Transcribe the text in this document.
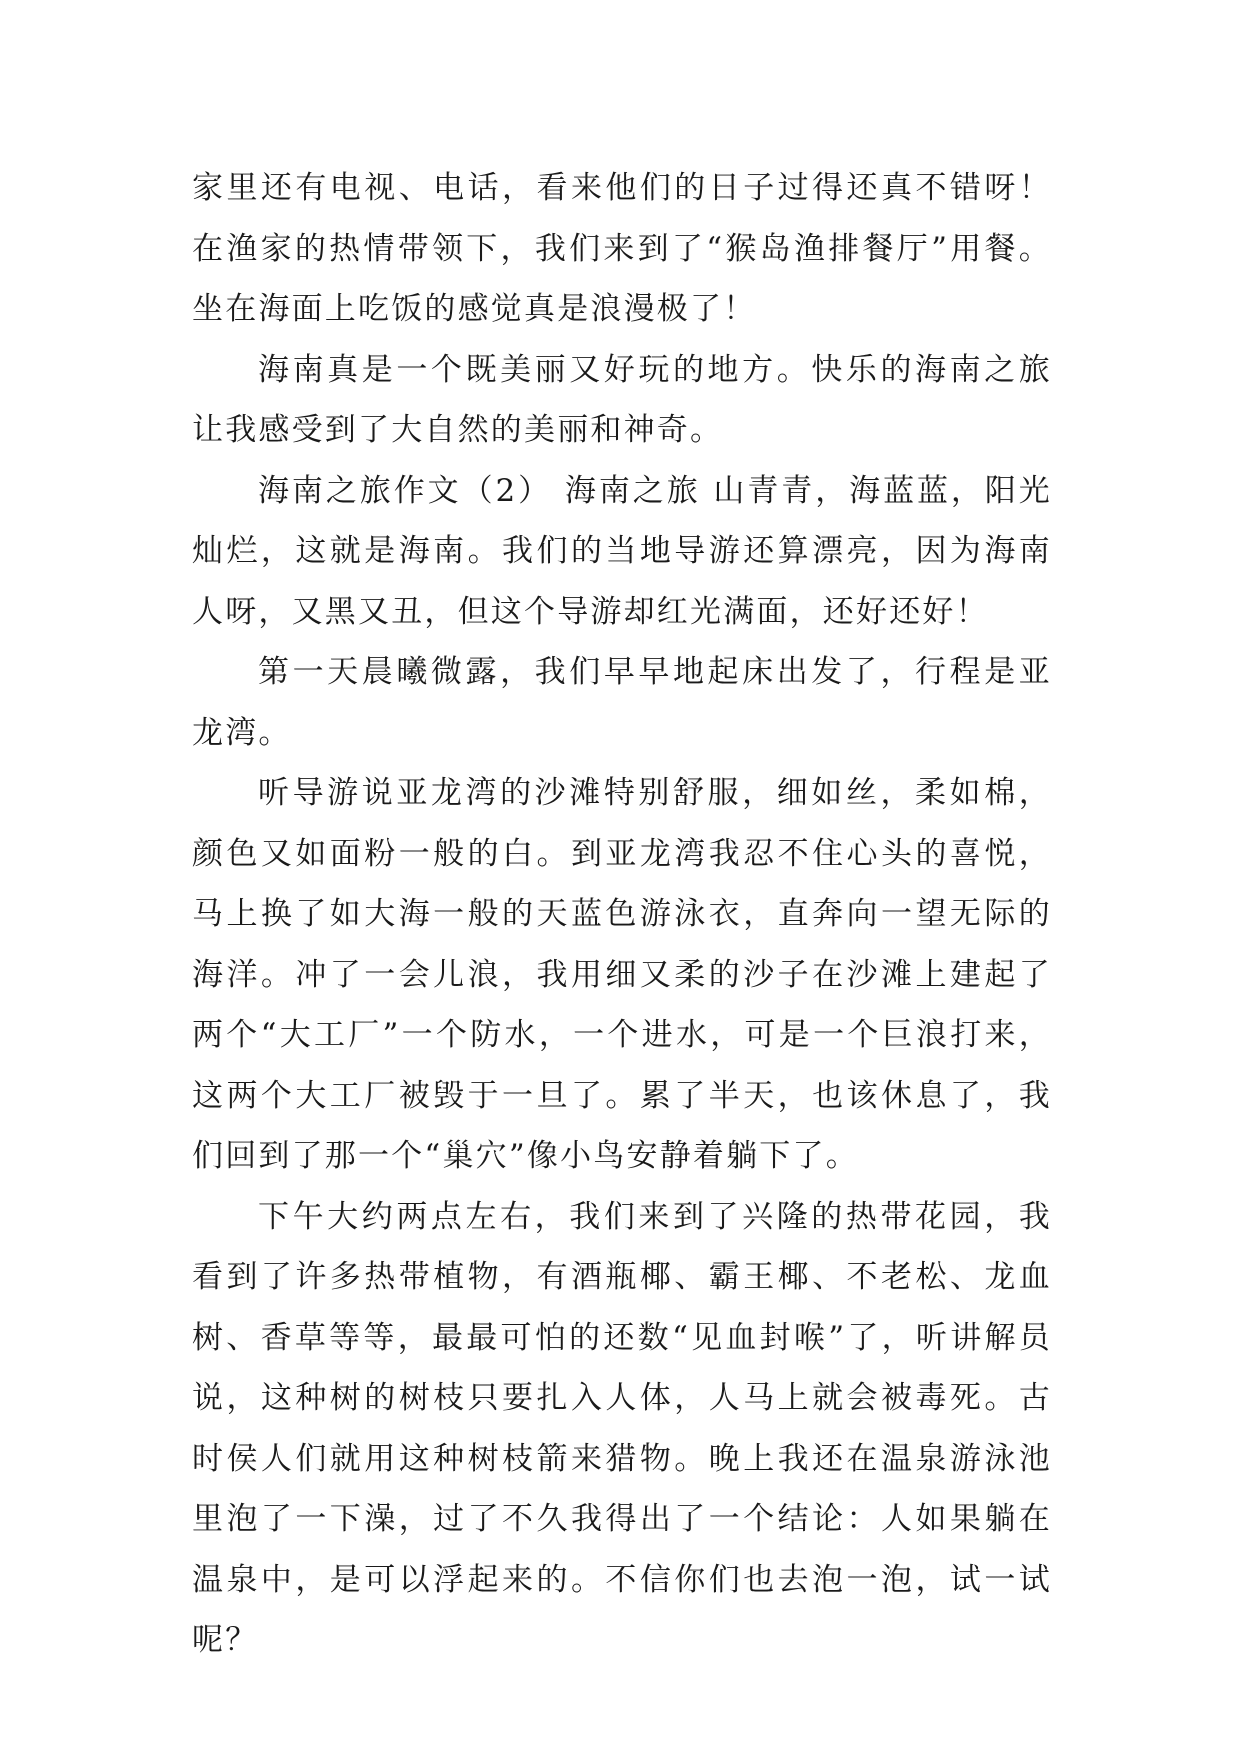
家里还有电视、电话，看来他们的日子过得还真不错呀！在渔家的热情带领下，我们来到了“猴岛渔排餐厅”用餐。坐在海面上吃饭的感觉真是浪漫极了！

海南真是一个既美丽又好玩的地方。快乐的海南之旅让我感受到了大自然的美丽和神奇。

海南之旅作文（2） 海南之旅 山青青，海蓝蓝，阳光灿烂，这就是海南。我们的当地导游还算漂亮，因为海南人呀，又黑又丑，但这个导游却红光满面，还好还好！

第一天晨曦微露，我们早早地起床出发了，行程是亚龙湾。

听导游说亚龙湾的沙滩特别舒服，细如丝，柔如棉，颜色又如面粉一般的白。到亚龙湾我忍不住心头的喜悦，马上换了如大海一般的天蓝色游泳衣，直奔向一望无际的海洋。冲了一会儿浪，我用细又柔的沙子在沙滩上建起了两个“大工厂”一个防水，一个进水，可是一个巨浪打来，这两个大工厂被毁于一旦了。累了半天，也该休息了，我们回到了那一个“巢穴”像小鸟安静着躺下了。

下午大约两点左右，我们来到了兴隆的热带花园，我看到了许多热带植物，有酒瓶椰、霸王椰、不老松、龙血树、香草等等，最最可怕的还数“见血封喉”了，听讲解员说，这种树的树枝只要扎入人体，人马上就会被毒死。古时侯人们就用这种树枝箭来猎物。晚上我还在温泉游泳池里泡了一下澡，过了不久我得出了一个结论：人如果躺在温泉中，是可以浮起来的。不信你们也去泡一泡，试一试呢？
